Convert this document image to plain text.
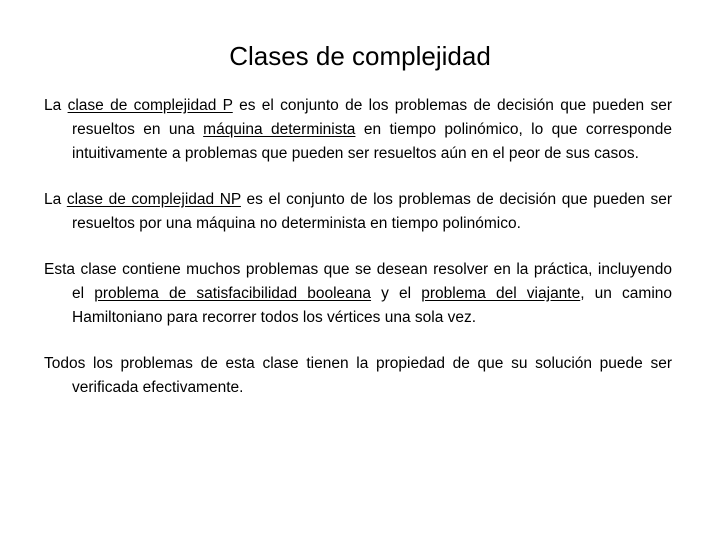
Clases de complejidad

La clase de complejidad P es el conjunto de los problemas de decisión que pueden ser resueltos en una máquina determinista en tiempo polinómico, lo que corresponde intuitivamente a problemas que pueden ser resueltos aún en el peor de sus casos.

La clase de complejidad NP es el conjunto de los problemas de decisión que pueden ser resueltos por una máquina no determinista en tiempo polinómico.

Esta clase contiene muchos problemas que se desean resolver en la práctica, incluyendo el problema de satisfacibilidad booleana y el problema del viajante, un camino Hamiltoniano para recorrer todos los vértices una sola vez.

Todos los problemas de esta clase tienen la propiedad de que su solución puede ser verificada efectivamente.
